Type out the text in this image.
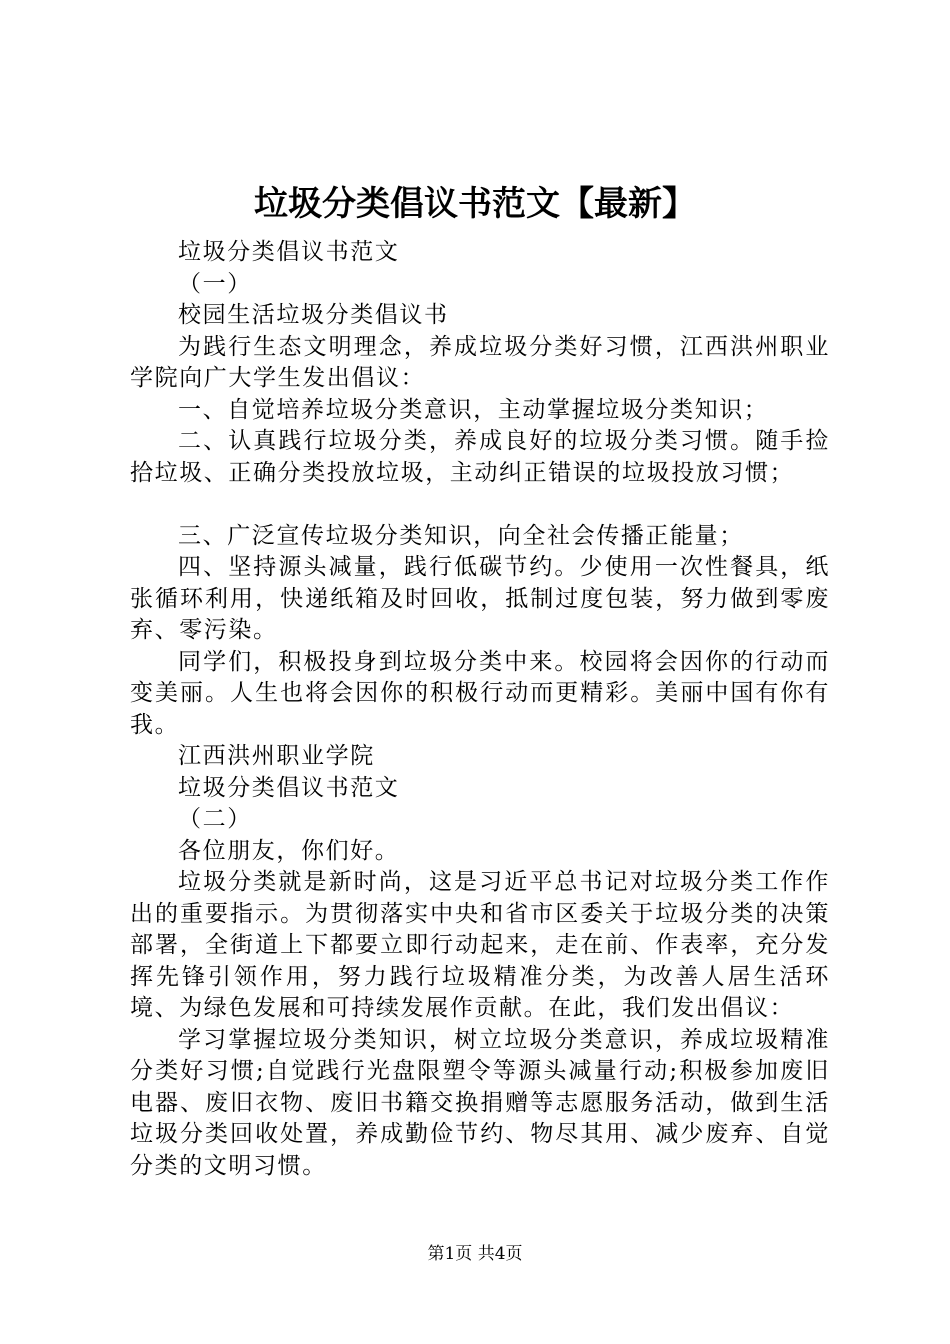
垃圾分类倡议书范文【最新】

垃圾分类倡议书范文

（一）

校园生活垃圾分类倡议书

为践行生态文明理念，养成垃圾分类好习惯，江西洪州职业学院向广大学生发出倡议：

一、自觉培养垃圾分类意识，主动掌握垃圾分类知识；

二、认真践行垃圾分类，养成良好的垃圾分类习惯。随手捡拾垃圾、正确分类投放垃圾，主动纠正错误的垃圾投放习惯；

三、广泛宣传垃圾分类知识，向全社会传播正能量；

四、坚持源头减量，践行低碳节约。少使用一次性餐具，纸张循环利用，快递纸箱及时回收，抵制过度包装，努力做到零废弃、零污染。

同学们，积极投身到垃圾分类中来。校园将会因你的行动而变美丽。人生也将会因你的积极行动而更精彩。美丽中国有你有我。

江西洪州职业学院

垃圾分类倡议书范文

（二）

各位朋友，你们好。

垃圾分类就是新时尚，这是习近平总书记对垃圾分类工作作出的重要指示。为贯彻落实中央和省市区委关于垃圾分类的决策部署，全街道上下都要立即行动起来，走在前、作表率，充分发挥先锋引领作用，努力践行垃圾精准分类，为改善人居生活环境、为绿色发展和可持续发展作贡献。在此，我们发出倡议：

学习掌握垃圾分类知识，树立垃圾分类意识，养成垃圾精准分类好习惯;自觉践行光盘限塑令等源头减量行动;积极参加废旧电器、废旧衣物、废旧书籍交换捐赠等志愿服务活动，做到生活垃圾分类回收处置，养成勤俭节约、物尽其用、减少废弃、自觉分类的文明习惯。

第1页 共4页
